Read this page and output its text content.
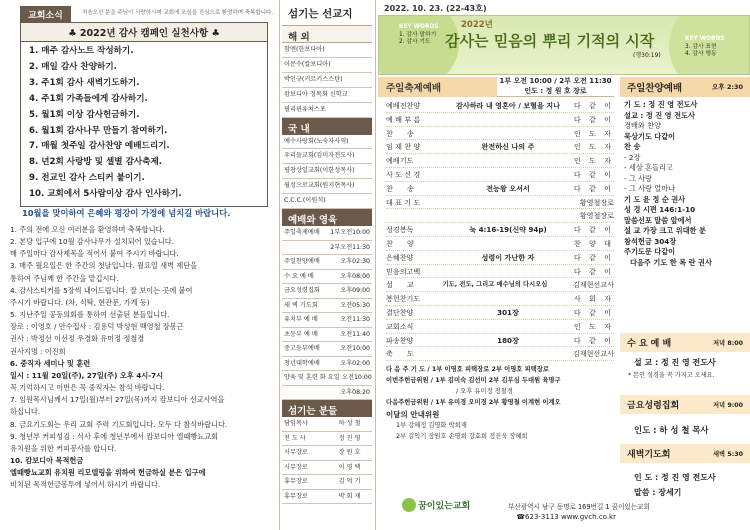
교회소식	처음오신 분을 주님이 사랑하시며 교회에 오심을 진심으로 환영하며 축복합니다.
♣ 2022년 감사 캠페인 실천사항 ♣
1. 매주 감사노트 작성하기.
2. 매일 감사 찬양하기.
3. 주1회 감사 새벽기도하기.
4. 주1회 가족들에게 감사하기.
5. 월1회 이상 감사헌금하기.
6. 월1회 감사나무 만들기 참여하기.
7. 매월 첫주일 감사찬양 예배드리기.
8. 년2회 사랑방 및 셀별 감사축제.
9. 전교인 감사 스티커 붙이기.
10. 교회에서 5사람이상 감사 인사하기.
10월을 맞이하여 은혜와 평강이 가정에 넘치길 바랍니다.
1. 주의 전에 오신 여러분을 환영하며 축복합니다.
2. 본당 입구에 10월 감사나무가 설치되어 있습니다.
매 주일마다 감사제목을 적어서 붙여 주시기 바랍니다.
3. 매주 월요일은 한 주간의 첫날입니다. 월요일 새벽 제단을
통하여 주님께 한 주간을 맡깁시다.
4. 감사스티커를 5장씩 내어드립니다. 잘 보이는 곳에 붙여
주시기 바랍니다. (차, 식탁, 현관문, 가게 등)
5. 지난주일 공동의회를 통하여 선출된 분들입니다.
장로 : 이영호 / 안수집사 : 김용덕 박성현 백영철 장봉근
권사 : 박정선 이선정 우경화 유미정 정철경
권사지명 : 이진희
6. 중직자 세미나 및 훈련
일시 : 11월 20일(주), 27일(주) 오후 4시-7시
꼭 기억하시고 이번은 꼭 중직자는 참석 바랍니다.
7. 임원목사님께서 17일(월)부터 27일(목)까지 캄보디아 선교사역을
하십니다.
8. 금요기도회는 우리 교회 주력 기도회입니다. 모두 다 참석바랍니다.
9. 청년부 커피성김 : 식사 후에 청년부에서 캄보디아 엘때빵뇨교회
유치원을 위한 커피봉사를 합니다.
10. 캄보디아 목적헌금
엘때빵뇨교회 유치원 리모델링을 위하여 헌금하실 분은 입구에
비치된 목적헌금봉투에 넣어서 하시기 바랍니다.
섬기는 선교지
해 외
함엔(한보다아)
이문수(칼보디아)
박인규(키르키스스탄)
캄보디아 정목회 신학교
필리핀유치스포
국 내
예수사랑회(노숙자사역)
우리들교회(김미자전도사)
평창상일교회(이한성목사)
월성으로교회(원지현목사)
C.C.C.(이원석)
예배와 영육
주일축제예배	1부오전10:00
2부오전11:30
주일찬양예배	오후02:30
수 요 예 배	오후08:00
금요성령집회	오후09:00
새 벽 기도회	오전05:30
유치부 예 배	오전11:30
초등부 예 배	오전11:40
중고등부예배	오전10:00
청년대학예배	오후02:00
양육 및 훈련 화 요일 오전10:00
오후08:20
섬기는 분들
담임목사	하 성 철
전 도 사	정 진 영
시무장로	장 원 호
시무장로	이 영 택
휴무장로	김 억 기
휴무장로	박 회 재
2022. 10. 23. (22-43호)
KEY WORDS
1. 감사 말하기
2. 감사 기도
2022년
감사는 믿음의 뿌리 기적의 시작
(행30:19)
KEY WORDS
3. 감사 표현
4. 감사 행동
주일축제예배
1부 오전 10:00 / 2부 오전 11:30
인도 : 정 원 호 장로
예배전찬양	감사하라 내 영혼아 / 보혈을 지나	다 같 이
예 배 부 름	다 같 이
찬　　송	인 도 자
임 재 찬 양	완전하신 나의 주	인 도 자
예배기도	인 도 자
사 도 신 경	다 같 이
찬　　송	전능왕 오셔서	다 같 이
대 표 기 도	황영철장로
황영철장로
성경봉독	눅 4:16-19(신약 94p)	다 같 이
찬　　양	찬 양 대
은혜찬양	성령이 가난한 자	다 같 이
믿음의고백	다 같 이
설　　교	기도, 전도, 그리고 예수님의 다시오심	김재현선교사
봉헌찬기도	사 회 자
결단찬양	301장	다 같 이
교회소식	인 도 자
파송찬양	180장	다 같 이
축　　도	김재현선교사
다 음 주 기 도 / 1부 이영호 피택장로 2부 이영호 피택장로
이번주헌금위원 / 1부 김미숙 김선미 2부 김무심 두대원 육명구
/ 오후 유미정 정철경
다음주헌금위원 / 1부 유미경 오미경 2부 황영철 이계현 이계오
이달의 안내위원
1부 강혜정 김영화 박희재
2부 김익기 장원호 손영희 강효희 정진욱 장혜희
꿈이있는교회	부산광역시 남구 동명로 169번길 1 꿈이있는교회
☎623-3113 www.gvch.co.kr
주일찬양예배	오후 2:30
기 도 : 정 진 영 전도사
설교 : 정 진 영 전도사
경배와 찬양
묵상기도 다같이
찬 송
- 2장
- 세상 흔들리고
- 그 사랑
- 그 사랑 얼마나
기 도 윤 정 순 권사
성 경 시편 146:1-10
말씀선포 말씀 앞에서
설 교 가장 크고 위대한 분
참석헌금 304장
주기도문 다같이
다음주 기도 한 복 란 권사
수 요 예 배	저녁 8:00
설 교 : 정 진 영 전도사
* 본인 성경을 꼭 가지고 오세요.
금요성령집회	저녁 9:00
인도 : 하 성 철 목사
새벽기도회	새벽 5:30
인 도 : 정 진 영 전도사
말씀 : 장세기
